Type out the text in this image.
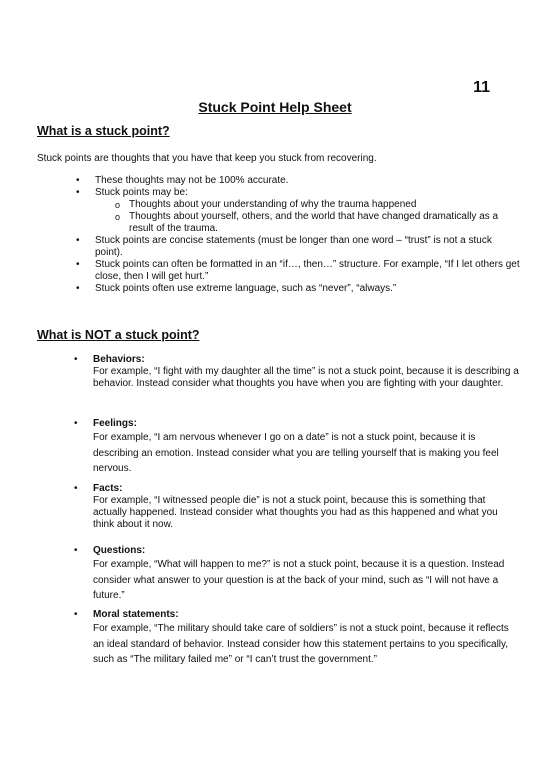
11
Stuck Point Help Sheet
What is a stuck point?
Stuck points are thoughts that you have that keep you stuck from recovering.
• These thoughts may not be 100% accurate.
• Stuck points may be:
o Thoughts about your understanding of why the trauma happened
o Thoughts about yourself, others, and the world that have changed dramatically as a result of the trauma.
• Stuck points are concise statements (must be longer than one word – “trust” is not a stuck point).
• Stuck points can often be formatted in an “if…, then…” structure. For example, “If I let others get close, then I will get hurt.”
• Stuck points often use extreme language, such as “never”, “always.”
What is NOT a stuck point?
• Behaviors:
For example, “I fight with my daughter all the time” is not a stuck point, because it is describing a behavior. Instead consider what thoughts you have when you are fighting with your daughter.
• Feelings:
For example, “I am nervous whenever I go on a date” is not a stuck point, because it is describing an emotion. Instead consider what you are telling yourself that is making you feel nervous.
• Facts:
For example, “I witnessed people die” is not a stuck point, because this is something that actually happened. Instead consider what thoughts you had as this happened and what you think about it now.
• Questions:
For example, “What will happen to me?” is not a stuck point, because it is a question. Instead consider what answer to your question is at the back of your mind, such as “I will not have a future.”
• Moral statements:
For example, “The military should take care of soldiers” is not a stuck point, because it reflects an ideal standard of behavior. Instead consider how this statement pertains to you specifically, such as “The military failed me” or “I can’t trust the government.”
